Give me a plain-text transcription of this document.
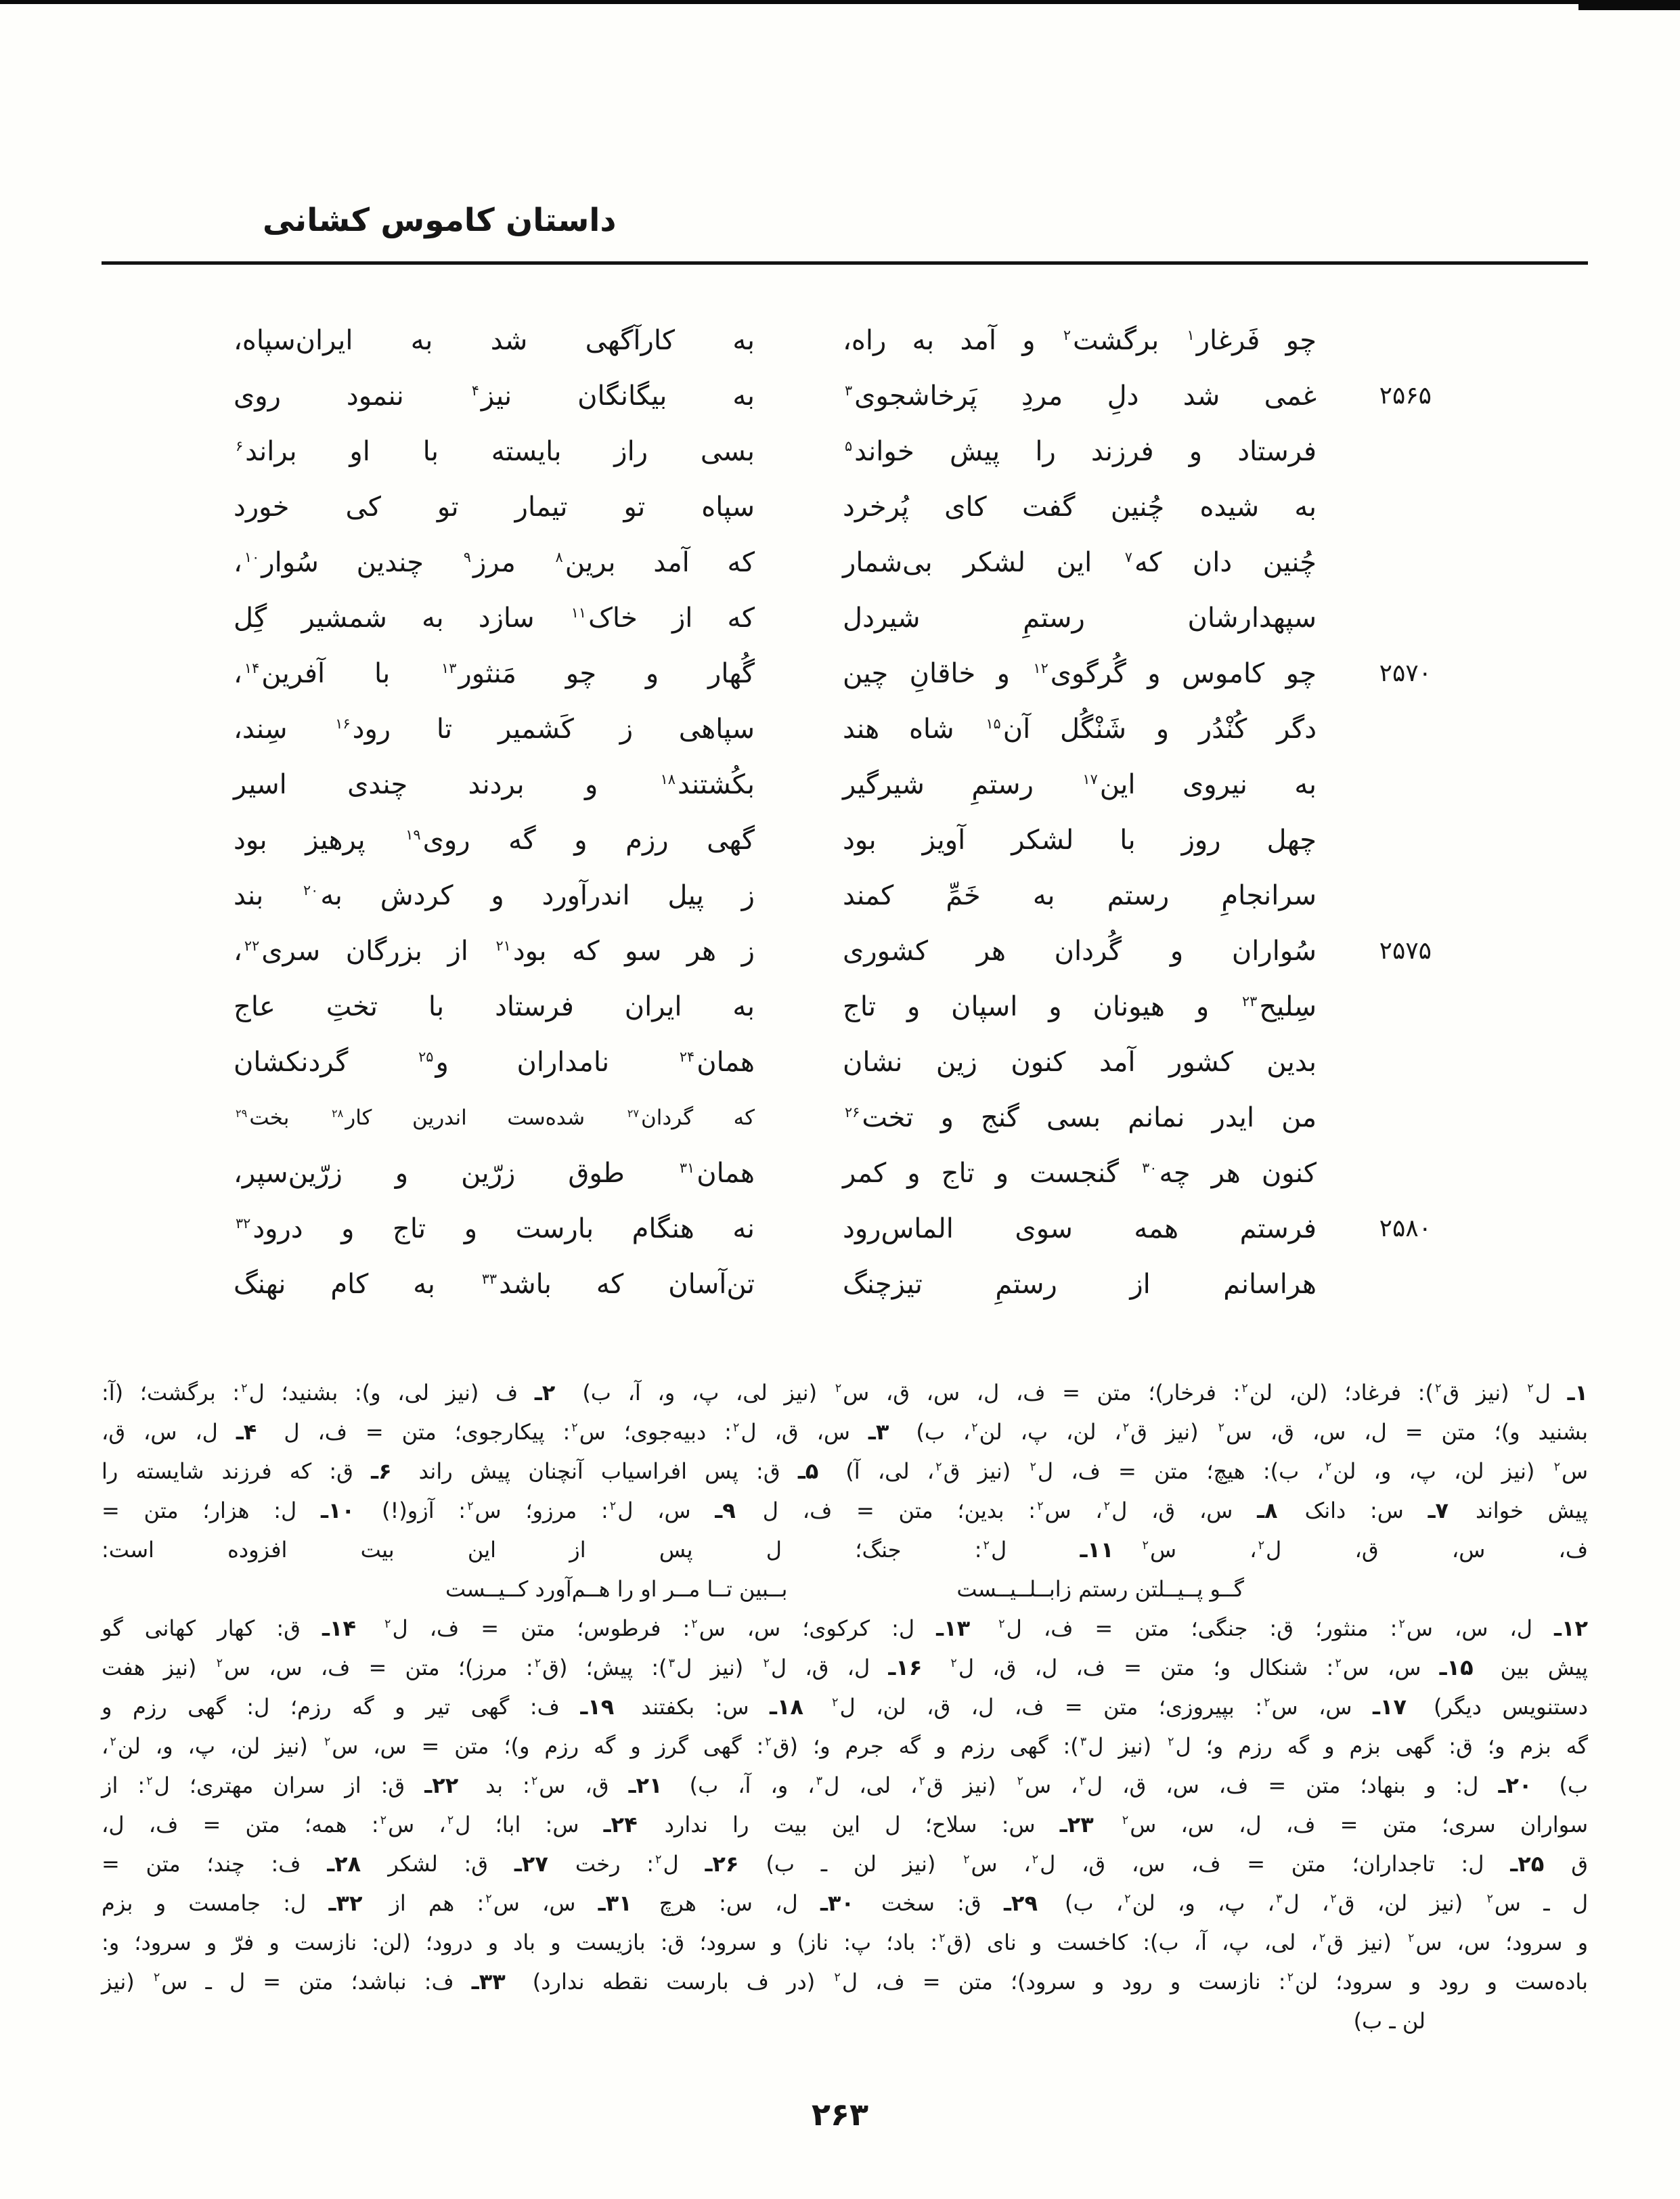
داستان کاموس کشانی
چو فَرغار$^۱$ برگشت$^۲$ و آمد به راه،
غمی شد دلِ مردِ پَرخاشجوی$^۳$
فرستاد و فرزند را پیش خواند$^۵$
به شیده چُنین گفت کای پُرخرد
چُنین دان که$^۷$ این لشکر بی‌شمار
سپهدارشان رستمِ شیردل
چو کاموس و گُرگوی$^{۱۲}$ و خاقانِ چین
دگر کُنْدُر و شَنْگُل آن$^{۱۵}$ شاه هند
به نیروی این$^{۱۷}$ رستمِ شیرگیر
چهل روز با لشکر آویز بود
سرانجامِ رستم به خَمِّ کمند
سُواران و گُردان هر کشوری
سِلیح$^{۲۳}$ و هیونان و اسپان و تاج
بدین کشور آمد کنون زین نشان
من ایدر نمانم بسی گنج و تخت$^{۲۶}$
کنون هر چه$^{۳۰}$ گنجست و تاج و کمر
فرستم همه سوی الماس‌رود
هراسانم از رستمِ تیزچنگ
به کارآگهی شد به ایران‌سپاه،
به بیگانگان نیز$^۴$ ننمود روی
بسی راز بایسته با او براند$^۶$
سپاه تو تیمار تو کی خورد
که آمد برین$^۸$ مرز$^۹$ چندین سُوار$^{۱۰}$،
که از خاک$^{۱۱}$ سازد به شمشیر گِل
گُهار و چو مَنثور$^{۱۳}$ با آفرین$^{۱۴}$،
سپاهی ز کَشمیر تا رود$^{۱۶}$ سِند،
بکُشتند$^{۱۸}$ و بردند چندی اسیر
گهی رزم و گه روی$^{۱۹}$ پرهیز بود
ز پیل اندرآورد و کردش به$^{۲۰}$ بند
ز هر سو که بود$^{۲۱}$ از بزرگان سری$^{۲۲}$،
به ایران فرستاد با تختِ عاج
همان$^{۲۴}$ نامداران و$^{۲۵}$ گردنکشان
که گردان$^{۲۷}$ شده‌ست اندرین کار$^{۲۸}$ بخت$^{۲۹}$
همان$^{۳۱}$ طوق زرّین و زرّین‌سپر،
نه هنگام بارست و تاج و درود$^{۳۲}$
تن‌آسان که باشد$^{۳۳}$ به کام نهنگ
۲۵۶۵
۲۵۷۰
۲۵۷۵
۲۵۸۰
۱ـ ل$^۲$ (نیز ق$^۲$): فرغاد؛ (لن، لن$^۲$: فرخار)؛ متن = ف، ل، س، ق، س$^۲$ (نیز لی، پ، و، آ، ب)۲ـ ف (نیز لی، و): بشنید؛ ل$^۲$: برگشت؛ (آ:
بشنید و)؛ متن = ل، س، ق، س$^۲$ (نیز ق$^۲$، لن، پ، لن$^۲$، ب)۳ـ س، ق، ل$^۲$: دبیه‌جوی؛ س$^۲$: پیکارجوی؛ متن = ف، ل۴ـ ل، س، ق،
س$^۲$ (نیز لن، پ، و، لن$^۲$، ب): هیچ؛ متن = ف، ل$^۲$ (نیز ق$^۲$، لی، آ)۵ـ ق: پس افراسیاب آنچنان پیش راند۶ـ ق: که فرزند شایسته را
پیش خواند۷ـ س: دانک۸ـ س، ق، ل$^۲$، س$^۲$: بدین؛ متن = ف، ل۹ـ س، ل$^۲$: مرزو؛ س$^۲$: آزو(!)۱۰ـ ل: هزار؛ متن =
ف، س، ق، ل$^۲$، س$^۲$۱۱ـ ل$^۲$: جنگ؛ ل پس از این بیت افزوده است:
گــو پــیــلتن رستم زابــلــیــست
بــبین تــا مــر او را هــم‌آورد کــیــست
۱۲ـ ل، س، س$^۲$: منثور؛ ق: جنگی؛ متن = ف، ل$^۲$۱۳ـ ل: کرکوی؛ س، س$^۲$: فرطوس؛ متن = ف، ل$^۲$۱۴ـ ق: کهار کهانی گو
پیش بین۱۵ـ س، س$^۲$: شنکال و؛ متن = ف، ل، ق، ل$^۲$۱۶ـ ل، ق، ل$^۲$ (نیز ل$^۳$): پیش؛ (ق$^۲$: مرز)؛ متن = ف، س، س$^۲$ (نیز هفت
دستنویس دیگر)۱۷ـ س، س$^۲$: بپیروزی؛ متن = ف، ل، ق، لن، ل$^۲$۱۸ـ س: بکفتند۱۹ـ ف: گهی تیر و گه رزم؛ ل: گهی رزم و
گه بزم و؛ ق: گهی بزم و گه رزم و؛ ل$^۲$ (نیز ل$^۳$): گهی رزم و گه جرم و؛ (ق$^۲$: گهی گرز و گه رزم و)؛ متن = س، س$^۲$ (نیز لن، پ، و، لن$^۲$،
ب)۲۰ـ ل: و بنهاد؛ متن = ف، س، ق، ل$^۲$، س$^۲$ (نیز ق$^۲$، لی، ل$^۳$، و، آ، ب)۲۱ـ ق، س$^۲$: بد۲۲ـ ق: از سران مهتری؛ ل$^۲$: از
سواران سری؛ متن = ف، ل، س، س$^۲$۲۳ـ س: سلاح؛ ل این بیت را ندارد۲۴ـ س: ابا؛ ل$^۲$، س$^۲$: همه؛ متن = ف، ل،
ق۲۵ـ ل: تاجداران؛ متن = ف، س، ق، ل$^۲$، س$^۲$ (نیز لن ـ ب)۲۶ـ ل$^۲$: رخت۲۷ـ ق: لشکر۲۸ـ ف: چند؛ متن =
ل ـ س$^۲$ (نیز لن، ق$^۲$، ل$^۳$، پ، و، لن$^۲$، ب)۲۹ـ ق: سخت۳۰ـ ل، س: هرچ۳۱ـ س، س$^۲$: هم از۳۲ـ ل: جامست و بزم
و سرود؛ س، س$^۲$ (نیز ق$^۲$، لی، پ، آ، ب): کاخست و نای (ق$^۲$: باد؛ پ: ناز) و سرود؛ ق: بازیست و باد و درود؛ (لن: نازست و فرّ و سرود؛ و:
باده‌ست و رود و سرود؛ لن$^۲$: نازست و رود و سرود)؛ متن = ف، ل$^۲$ (در ف بارست نقطه ندارد)۳۳ـ ف: نباشد؛ متن = ل ـ س$^۲$ (نیز
لن ـ ب)
۲۶۳
